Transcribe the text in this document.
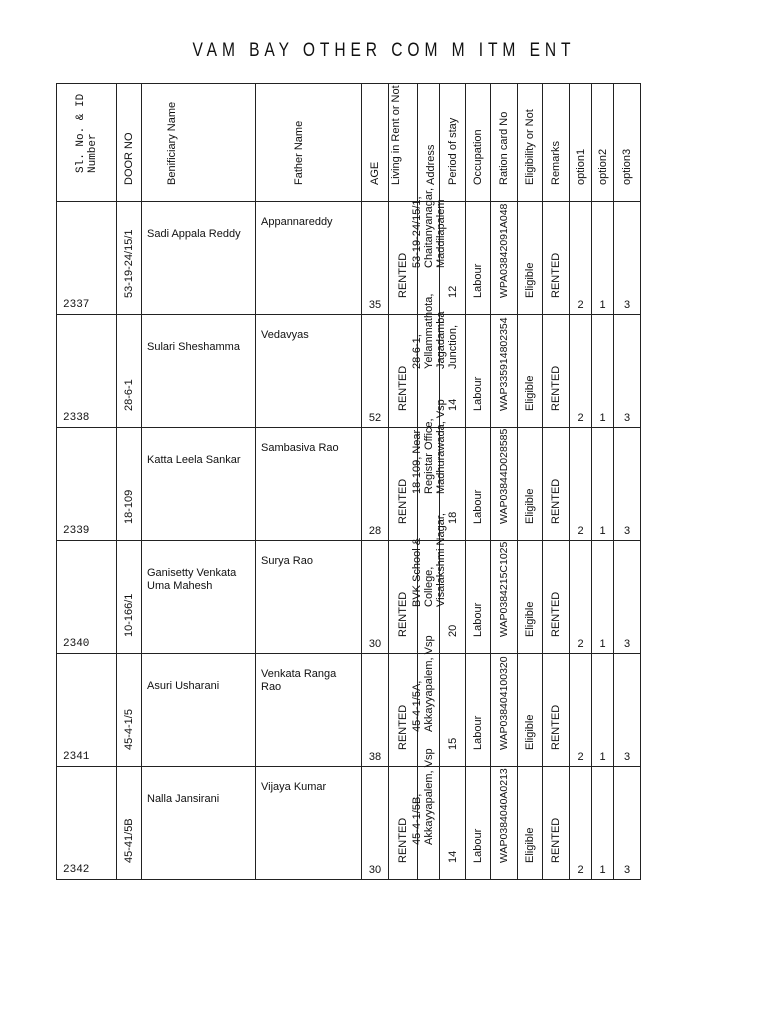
VAM BAY OTHER COM M ITM ENT
Sl. No. & ID Number	DOOR NO	Benificiary Name	Father Name	AGE	Living in Rent or Not	Address	Period of stay	Occupation	Ration card No	Eligibility or Not	Remarks	option1	option2	option3

2337	53-19-24/15/1	Sadi Appala Reddy	Appannareddy	35	RENTED	53-19-24/15/1, Chaitanyanagar, Maddilapalem	12	Labour	WPA03842091A048	Eligible	RENTED	2	1	3

2338	28-6-1	Sulari Sheshamma	Vedavyas	52	RENTED	28-6-1, Yellammathota, Jagadamba Junction,	14	Labour	WAP335914802354	Eligible	RENTED	2	1	3

2339	18-109	Katta Leela Sankar	Sambasiva Rao	28	RENTED	18-109, Near Registar Office, Madhurawada, Vsp	18	Labour	WAP03844D028585	Eligible	RENTED	2	1	3

2340	10-166/1	Ganisetty Venkata Uma Mahesh	Surya Rao	30	RENTED	BVK School & College, Visalakshmi Nagar,	20	Labour	WAP0384215C1025	Eligible	RENTED	2	1	3

2341	45-4-1/5	Asuri Usharani	Venkata Ranga Rao	38	RENTED	45-4-1/5A, Akkayyapalem, Vsp	15	Labour	WAP038404100320	Eligible	RENTED	2	1	3

2342	45-41/5B	Nalla Jansirani	Vijaya Kumar	30	RENTED	45-4-1/5B, Akkayyapalem, Vsp	14	Labour	WAP0384040A0213	Eligible	RENTED	2	1	3
